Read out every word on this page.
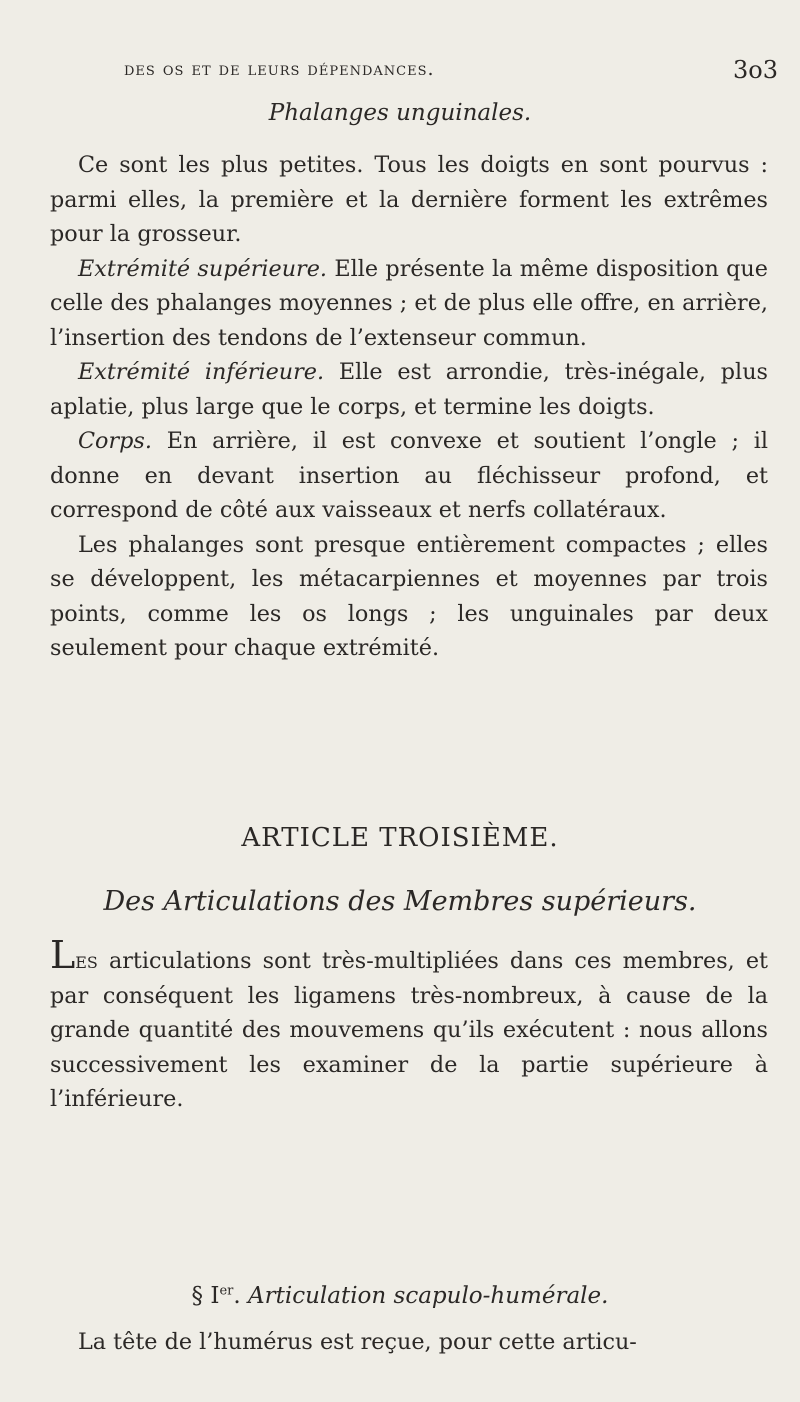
des os et de leurs dépendances.	3o3
Phalanges unguinales.

Ce sont les plus petites. Tous les doigts en sont pourvus : parmi elles, la première et la dernière forment les extrêmes pour la grosseur.

Extrémité supérieure. Elle présente la même disposition que celle des phalanges moyennes ; et de plus elle offre, en arrière, l’insertion des tendons de l’extenseur commun.

Extrémité inférieure. Elle est arrondie, très-inégale, plus aplatie, plus large que le corps, et termine les doigts.

Corps. En arrière, il est convexe et soutient l’ongle ; il donne en devant insertion au fléchisseur profond, et correspond de côté aux vaisseaux et nerfs collatéraux.

Les phalanges sont presque entièrement compactes ; elles se développent, les métacarpiennes et moyennes par trois points, comme les os longs ; les unguinales par deux seulement pour chaque extrémité.

ARTICLE TROISIÈME.
Des Articulations des Membres supérieurs.

Les articulations sont très-multipliées dans ces membres, et par conséquent les ligamens très-nombreux, à cause de la grande quantité des mouvemens qu’ils exécutent : nous allons successivement les examiner de la partie supérieure à l’inférieure.

§ Ier. Articulation scapulo-humérale.

La tête de l’humérus est reçue, pour cette articu-
